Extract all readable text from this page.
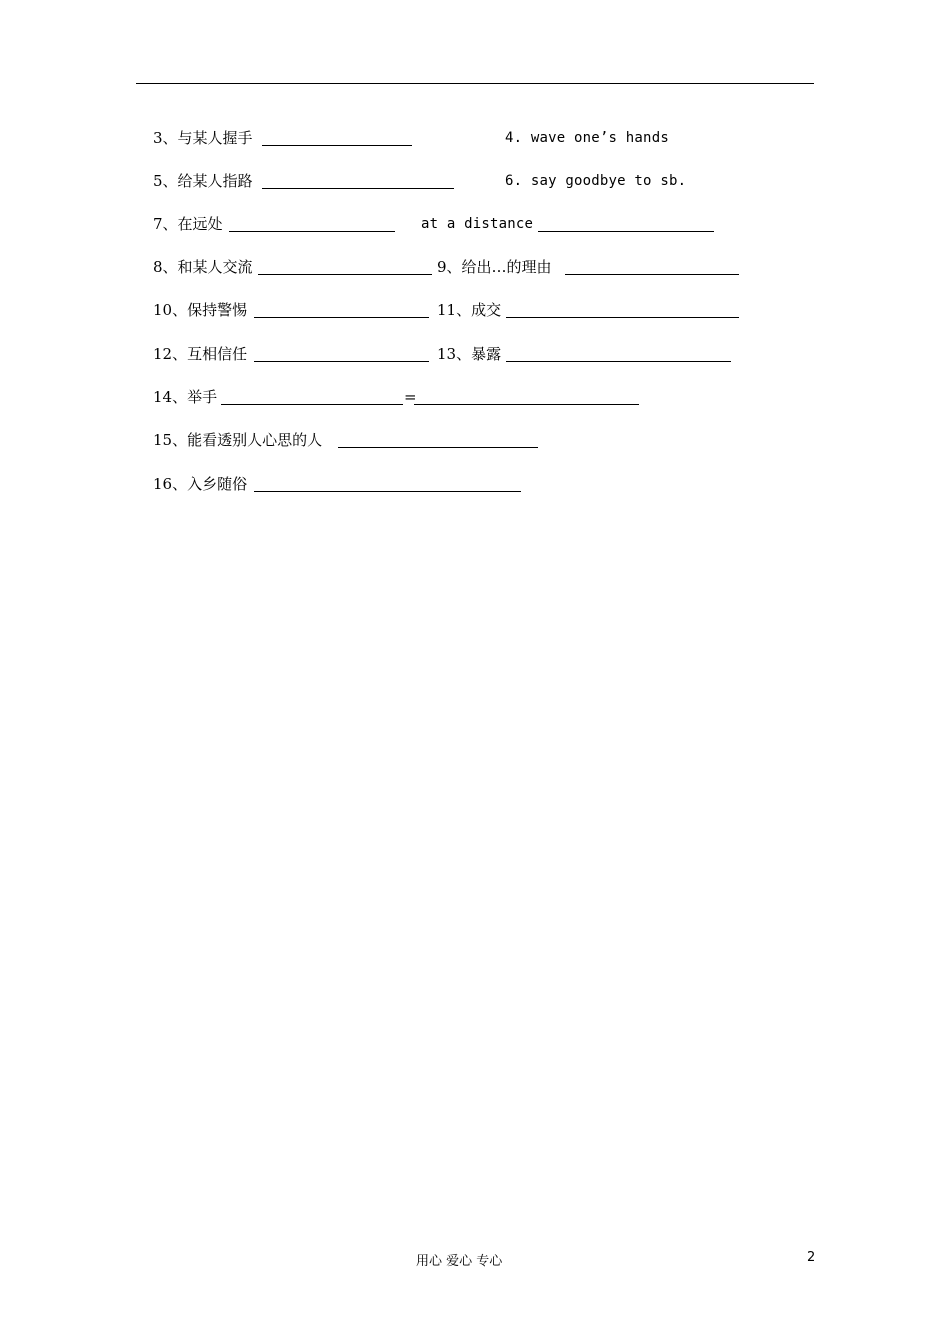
3、与某人握手	4. wave one’s hands
5、给某人指路	6. say goodbye to sb.
7、在远处	at a distance
8、和某人交流	9、给出…的理由
10、保持警惕	11、成交
12、互相信任	13、暴露
14、举手	=
15、能看透别人心思的人
16、入乡随俗
用心 爱心 专心	2
